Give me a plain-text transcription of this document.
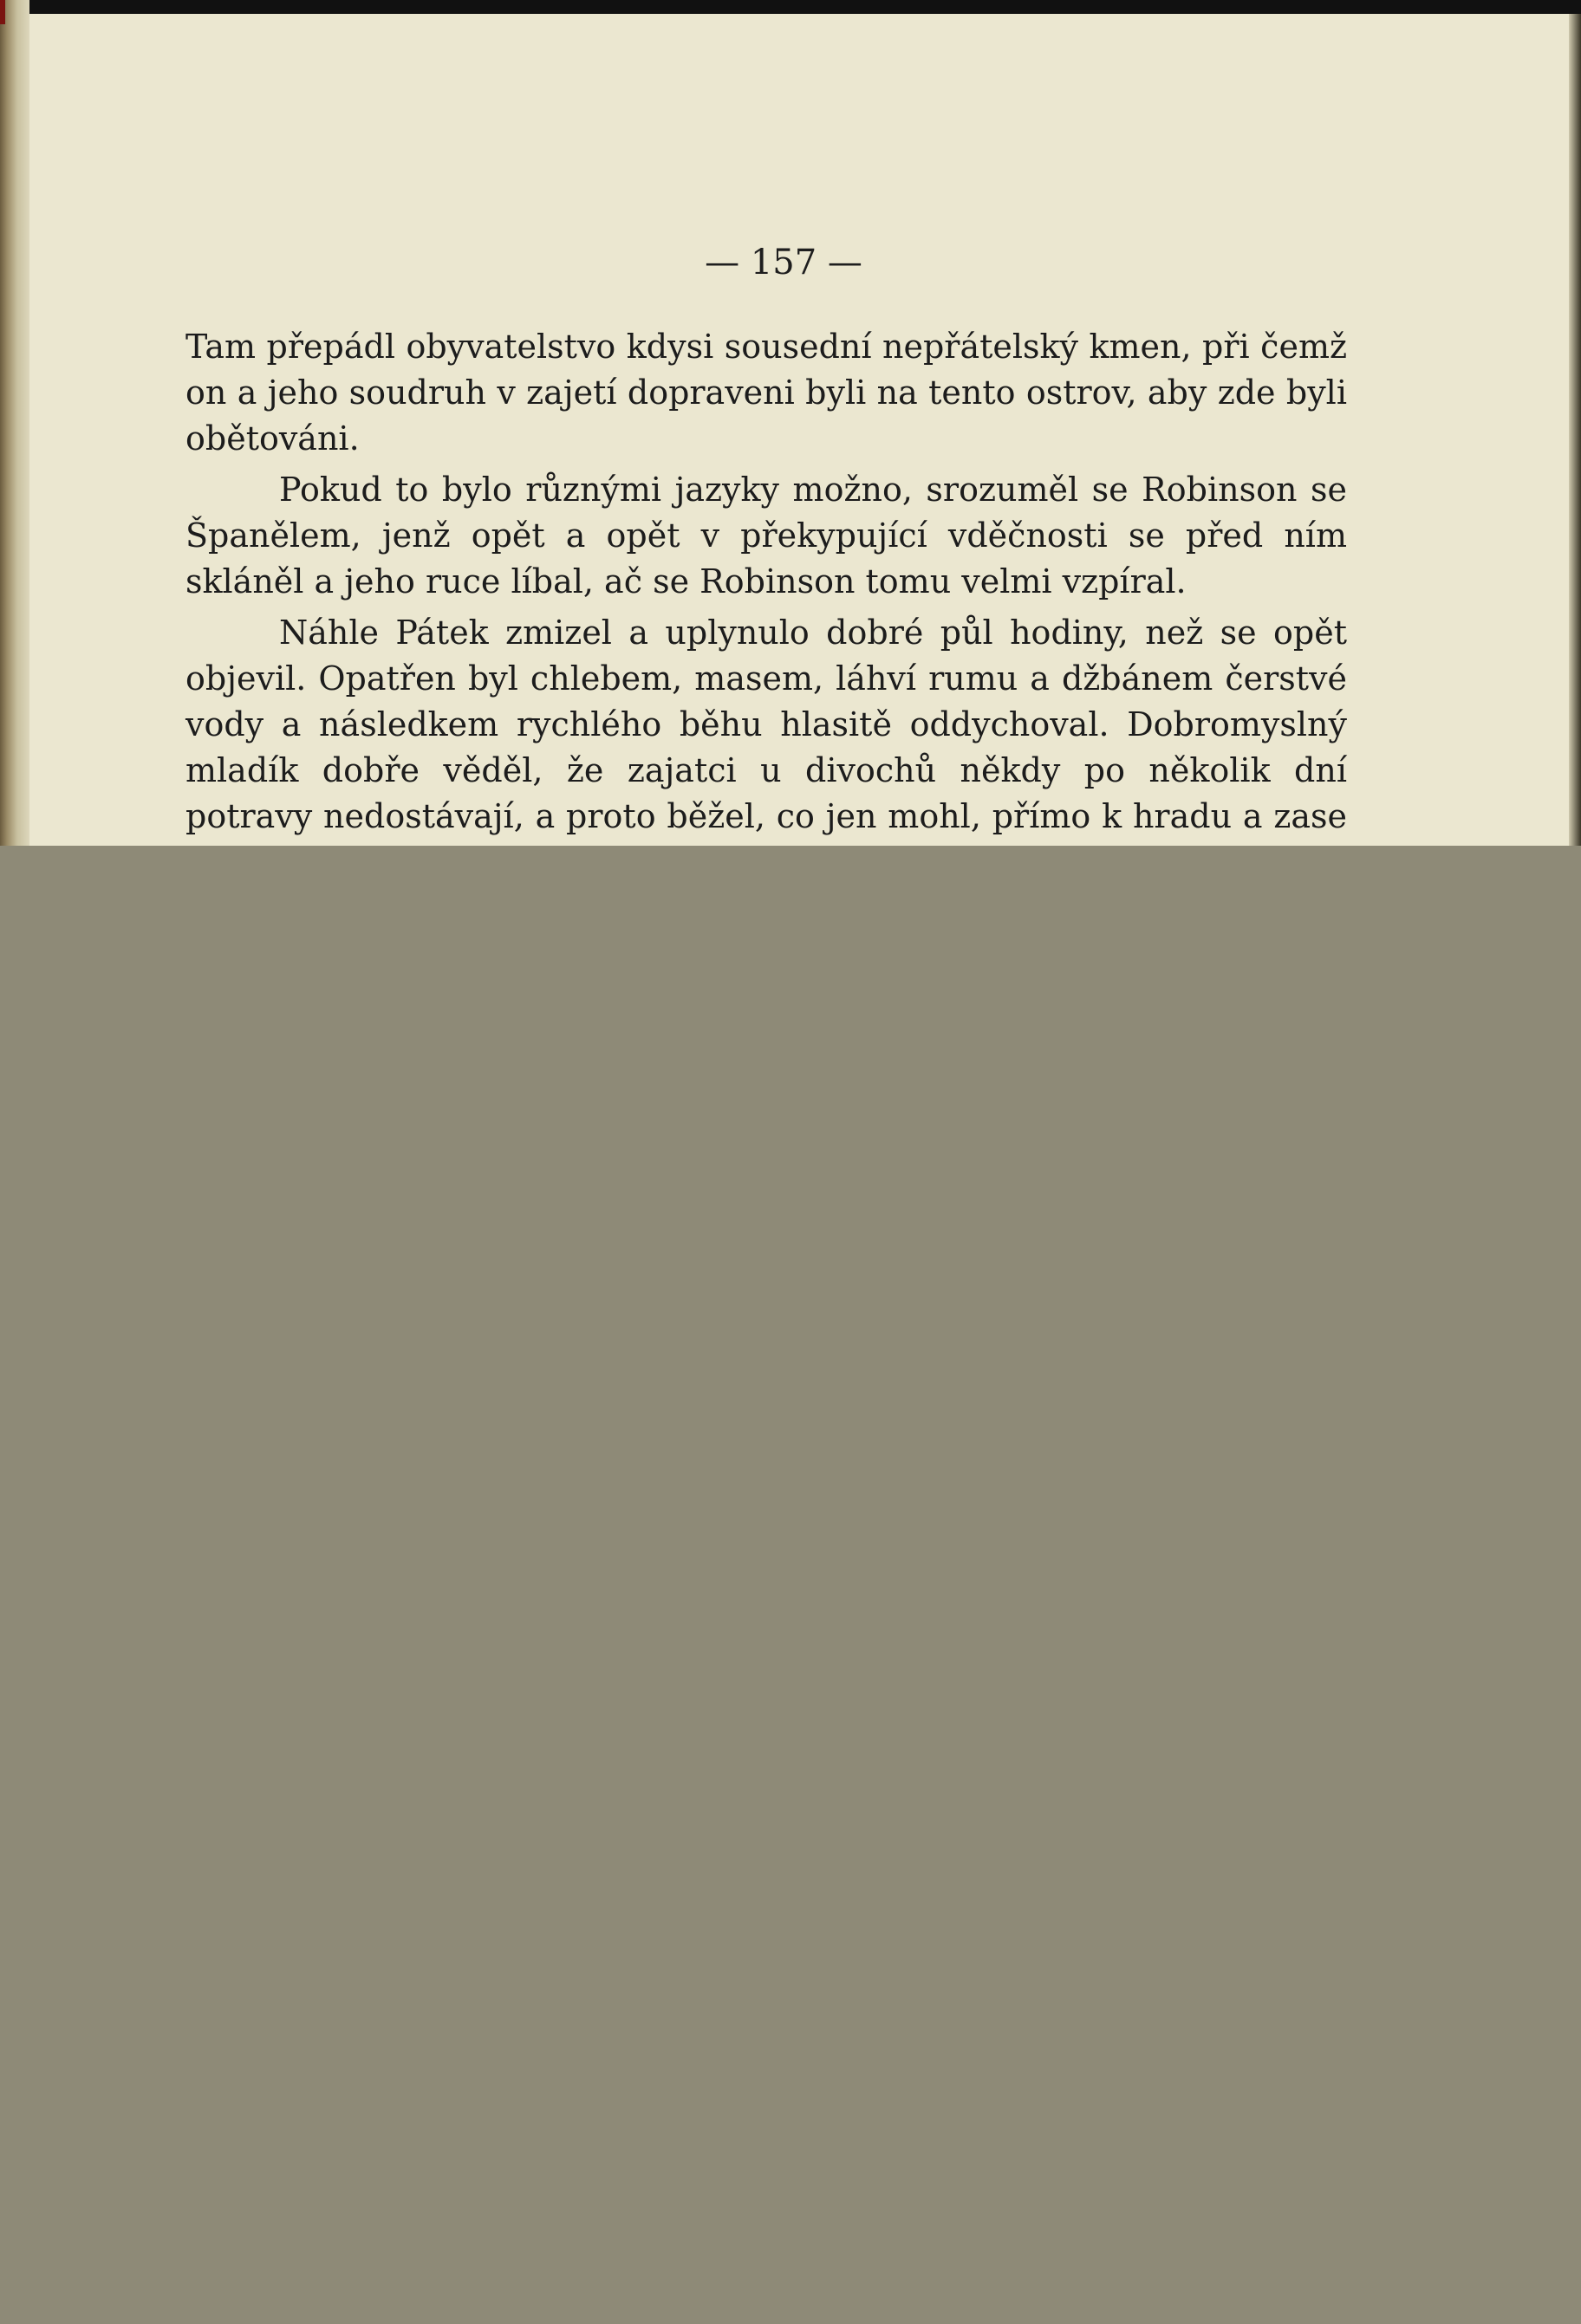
— 157 —

Tam přepádl obyvatelstvo kdysi sousední nepřátelský kmen, při čemž on a jeho soudruh v zajetí dopraveni byli na tento ostrov, aby zde byli obětováni.

Pokud to bylo různými jazyky možno, srozuměl se Robinson se Španělem, jenž opět a opět v překypující vděčnosti se před ním skláněl a jeho ruce líbal, ač se Robinson tomu velmi vzpíral.

Náhle Pátek zmizel a uplynulo dobré půl hodiny, než se opět objevil. Opatřen byl chlebem, masem, láhví rumu a džbánem čerstvé vody a následkem rychlého běhu hlasitě oddychoval. Dobromyslný mladík dobře věděl, že zajatci u divochů někdy po několik dní potravy nedostávají, a proto běžel, co jen mohl, přímo k hradu a zase
